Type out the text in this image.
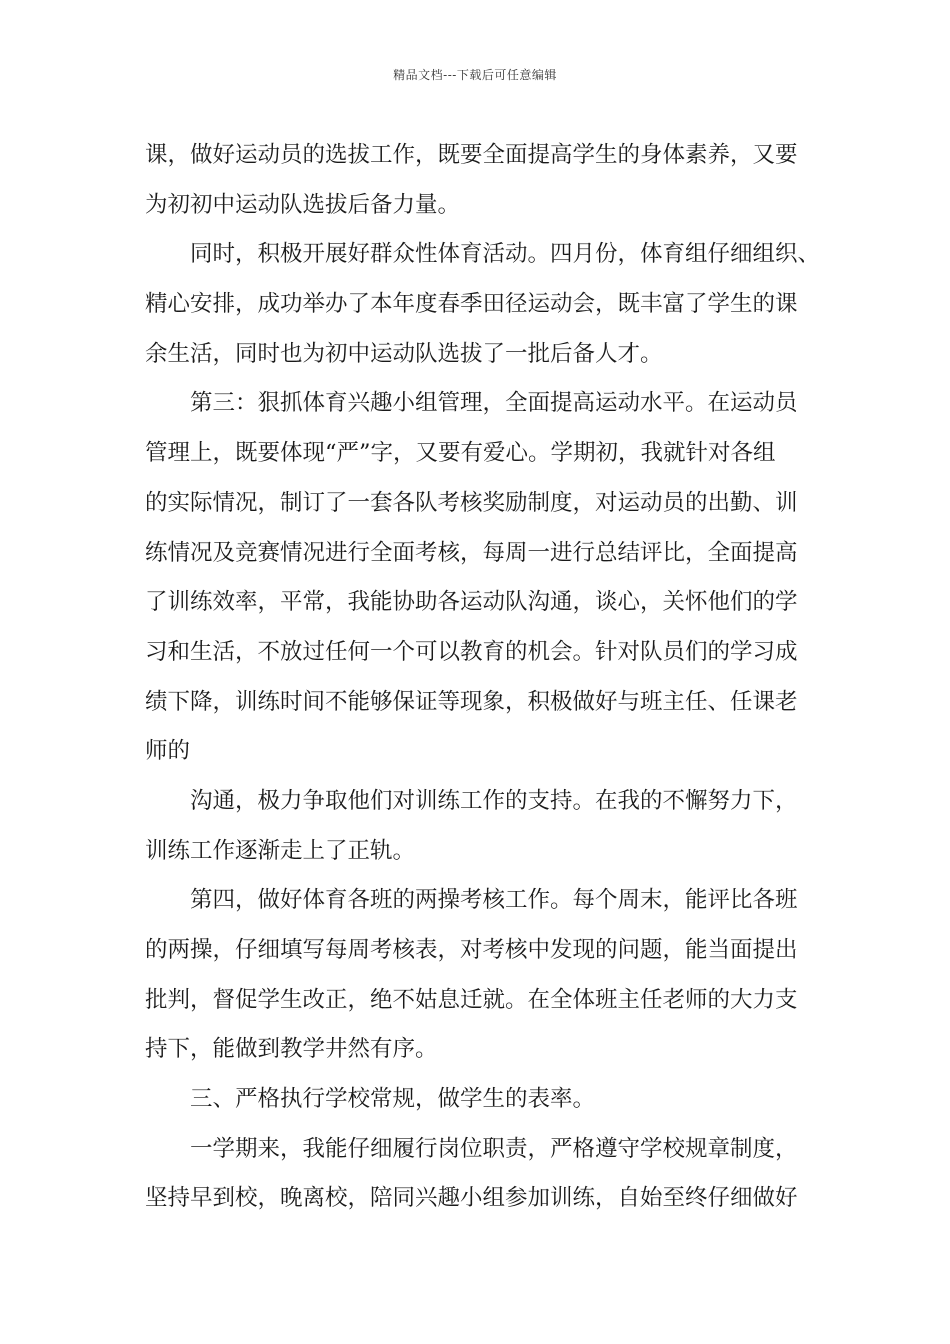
精品文档---下载后可任意编辑
课，做好运动员的选拔工作，既要全面提高学生的身体素养，又要
为初初中运动队选拔后备力量。
同时，积极开展好群众性体育活动。四月份，体育组仔细组织、
精心安排，成功举办了本年度春季田径运动会，既丰富了学生的课
余生活，同时也为初中运动队选拔了一批后备人才。
第三：狠抓体育兴趣小组管理，全面提高运动水平。在运动员
管理上，既要体现“严”字，又要有爱心。学期初，我就针对各组
的实际情况，制订了一套各队考核奖励制度，对运动员的出勤、训
练情况及竞赛情况进行全面考核，每周一进行总结评比，全面提高
了训练效率，平常，我能协助各运动队沟通，谈心，关怀他们的学
习和生活，不放过任何一个可以教育的机会。针对队员们的学习成
绩下降，训练时间不能够保证等现象，积极做好与班主任、任课老
师的
沟通，极力争取他们对训练工作的支持。在我的不懈努力下，
训练工作逐渐走上了正轨。
第四，做好体育各班的两操考核工作。每个周末，能评比各班
的两操，仔细填写每周考核表，对考核中发现的问题，能当面提出
批判，督促学生改正，绝不姑息迁就。在全体班主任老师的大力支
持下，能做到教学井然有序。
三、严格执行学校常规，做学生的表率。
一学期来，我能仔细履行岗位职责，严格遵守学校规章制度，
坚持早到校，晚离校，陪同兴趣小组参加训练，自始至终仔细做好
